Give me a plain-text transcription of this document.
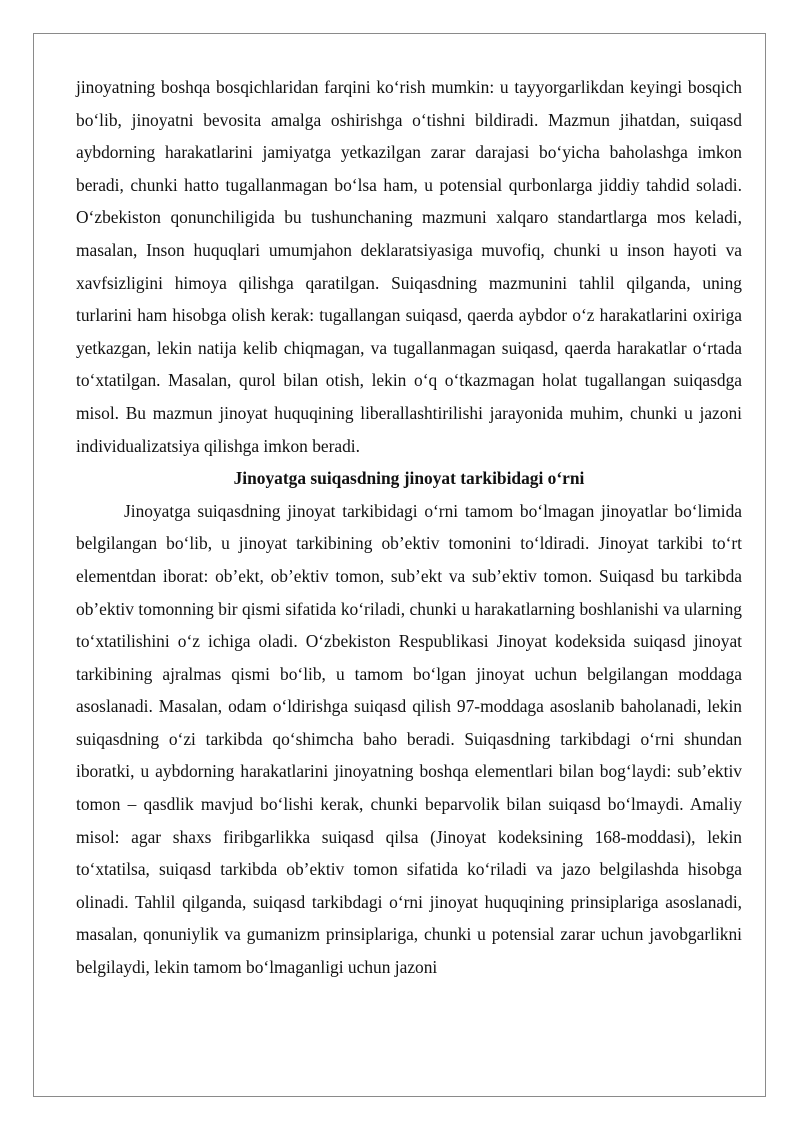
jinoyatning boshqa bosqichlaridan farqini ko‘rish mumkin: u tayyorgarlikdan keyingi bosqich bo‘lib, jinoyatni bevosita amalga oshirishga o‘tishni bildiradi. Mazmun jihatdan, suiqasd aybdorning harakatlarini jamiyatga yetkazilgan zarar darajasi bo‘yicha baholashga imkon beradi, chunki hatto tugallanmagan bo‘lsa ham, u potensial qurbonlarga jiddiy tahdid soladi. O‘zbekiston qonunchiligida bu tushunchaning mazmuni xalqaro standartlarga mos keladi, masalan, Inson huquqlari umumjahon deklaratsiyasiga muvofiq, chunki u inson hayoti va xavfsizligini himoya qilishga qaratilgan. Suiqasdning mazmunini tahlil qilganda, uning turlarini ham hisobga olish kerak: tugallangan suiqasd, qaerda aybdor o‘z harakatlarini oxiriga yetkazgan, lekin natija kelib chiqmagan, va tugallanmagan suiqasd, qaerda harakatlar o‘rtada to‘xtatilgan. Masalan, qurol bilan otish, lekin o‘q o‘tkazmagan holat tugallangan suiqasdga misol. Bu mazmun jinoyat huquqining liberallashtirilishi jarayonida muhim, chunki u jazoni individualizatsiya qilishga imkon beradi.

Jinoyatga suiqasdning jinoyat tarkibidagi o‘rni

Jinoyatga suiqasdning jinoyat tarkibidagi o‘rni tamom bo‘lmagan jinoyatlar bo‘limida belgilangan bo‘lib, u jinoyat tarkibining ob’ektiv tomonini to‘ldiradi. Jinoyat tarkibi to‘rt elementdan iborat: ob’ekt, ob’ektiv tomon, sub’ekt va sub’ektiv tomon. Suiqasd bu tarkibda ob’ektiv tomonning bir qismi sifatida ko‘riladi, chunki u harakatlarning boshlanishi va ularning to‘xtatilishini o‘z ichiga oladi. O‘zbekiston Respublikasi Jinoyat kodeksida suiqasd jinoyat tarkibining ajralmas qismi bo‘lib, u tamom bo‘lgan jinoyat uchun belgilangan moddaga asoslanadi. Masalan, odam o‘ldirishga suiqasd qilish 97-moddaga asoslanib baholanadi, lekin suiqasdning o‘zi tarkibda qo‘shimcha baho beradi. Suiqasdning tarkibdagi o‘rni shundan iboratki, u aybdorning harakatlarini jinoyatning boshqa elementlari bilan bog‘laydi: sub’ektiv tomon – qasdlik mavjud bo‘lishi kerak, chunki beparvolik bilan suiqasd bo‘lmaydi. Amaliy misol: agar shaxs firibgarlikka suiqasd qilsa (Jinoyat kodeksining 168-moddasi), lekin to‘xtatilsa, suiqasd tarkibda ob’ektiv tomon sifatida ko‘riladi va jazo belgilashda hisobga olinadi. Tahlil qilganda, suiqasd tarkibdagi o‘rni jinoyat huquqining prinsiplariga asoslanadi, masalan, qonuniylik va gumanizm prinsiplariga, chunki u potensial zarar uchun javobgarlikni belgilaydi, lekin tamom bo‘lmaganligi uchun jazoni
